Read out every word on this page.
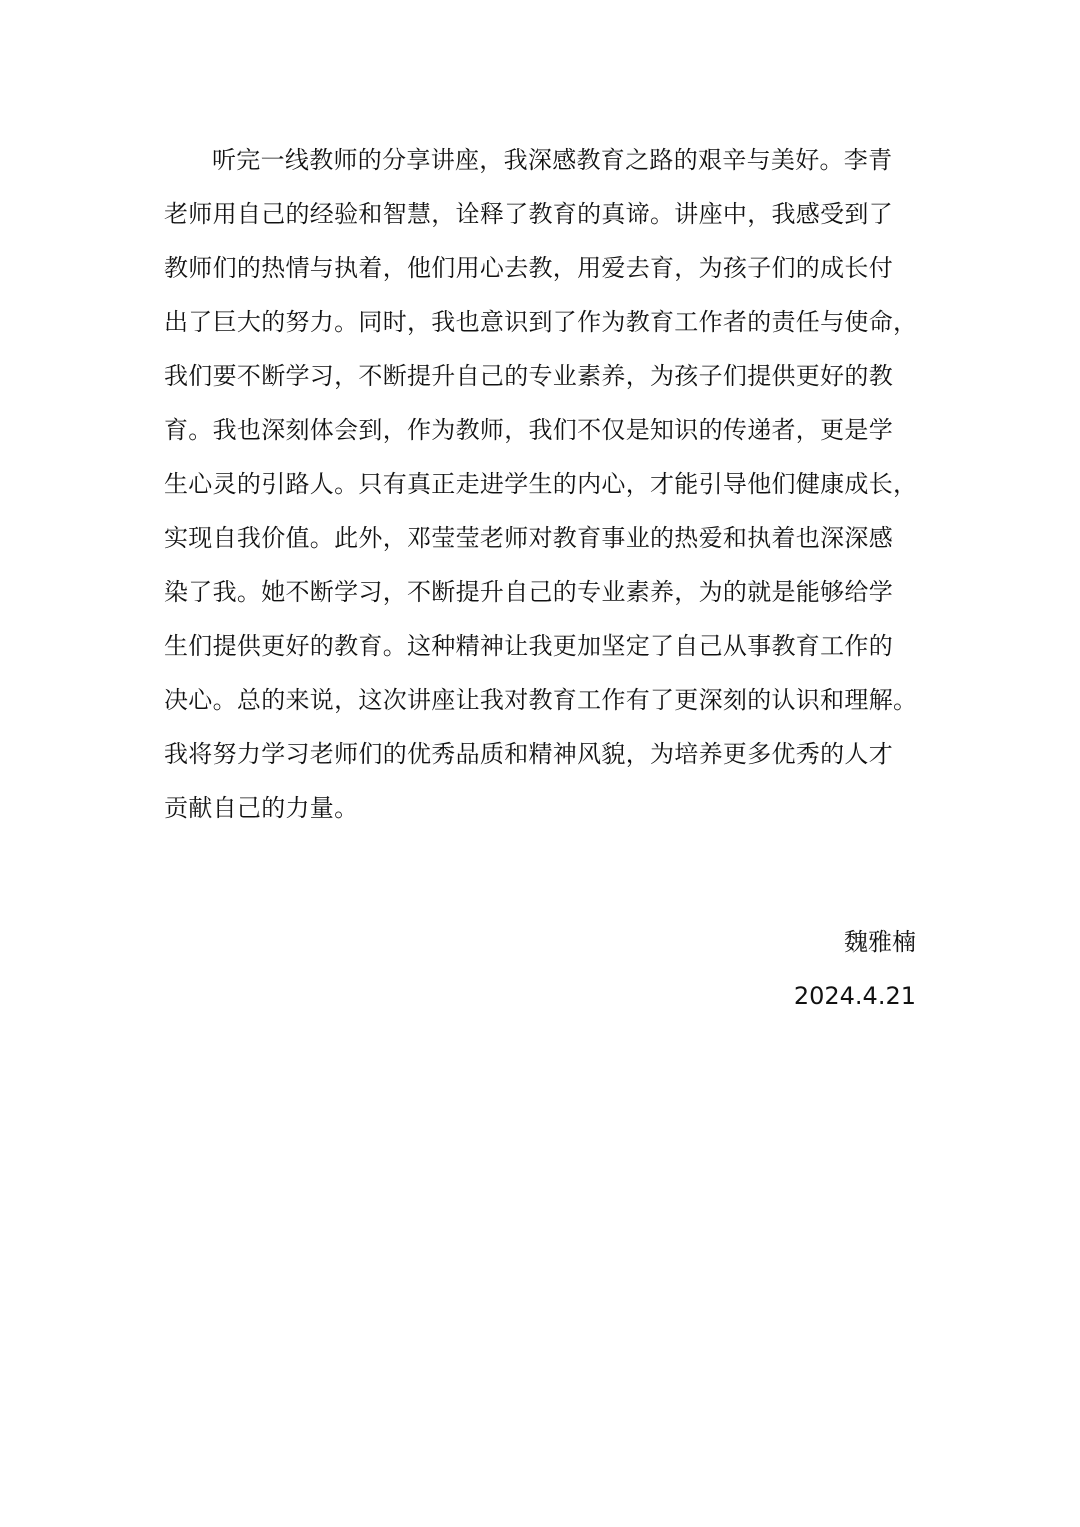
听完一线教师的分享讲座，我深感教育之路的艰辛与美好。李青
老师用自己的经验和智慧，诠释了教育的真谛。讲座中，我感受到了
教师们的热情与执着，他们用心去教，用爱去育，为孩子们的成长付
出了巨大的努力。同时，我也意识到了作为教育工作者的责任与使命，
我们要不断学习，不断提升自己的专业素养，为孩子们提供更好的教
育。我也深刻体会到，作为教师，我们不仅是知识的传递者，更是学
生心灵的引路人。只有真正走进学生的内心，才能引导他们健康成长，
实现自我价值。此外，邓莹莹老师对教育事业的热爱和执着也深深感
染了我。她不断学习，不断提升自己的专业素养，为的就是能够给学
生们提供更好的教育。这种精神让我更加坚定了自己从事教育工作的
决心。总的来说，这次讲座让我对教育工作有了更深刻的认识和理解。
我将努力学习老师们的优秀品质和精神风貌，为培养更多优秀的人才
贡献自己的力量。
魏雅楠
2024.4.21
